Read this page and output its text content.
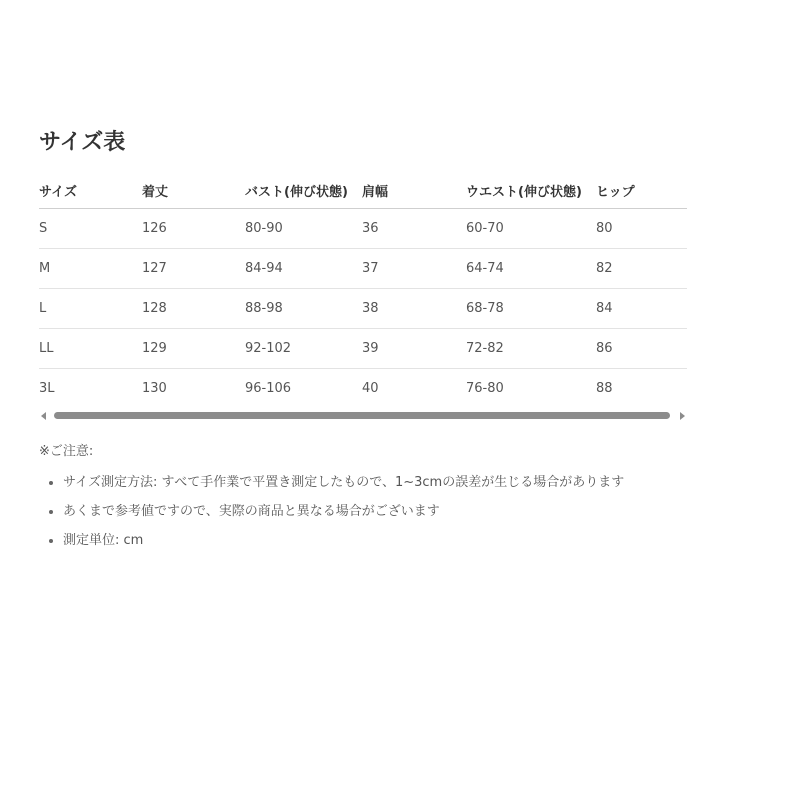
サイズ表
サイズ	着丈	バスト(伸び状態)	肩幅	ウエスト(伸び状態)	ヒップ
S	126	80-90	36	60-70	80
M	127	84-94	37	64-74	82
L	128	88-98	38	68-78	84
LL	129	92-102	39	72-82	86
3L	130	96-106	40	76-80	88

※ご注意:

サイズ測定方法: すべて手作業で平置き測定したもので、1~3cmの誤差が生じる場合があります
あくまで参考値ですので、実際の商品と異なる場合がございます
測定単位: cm
